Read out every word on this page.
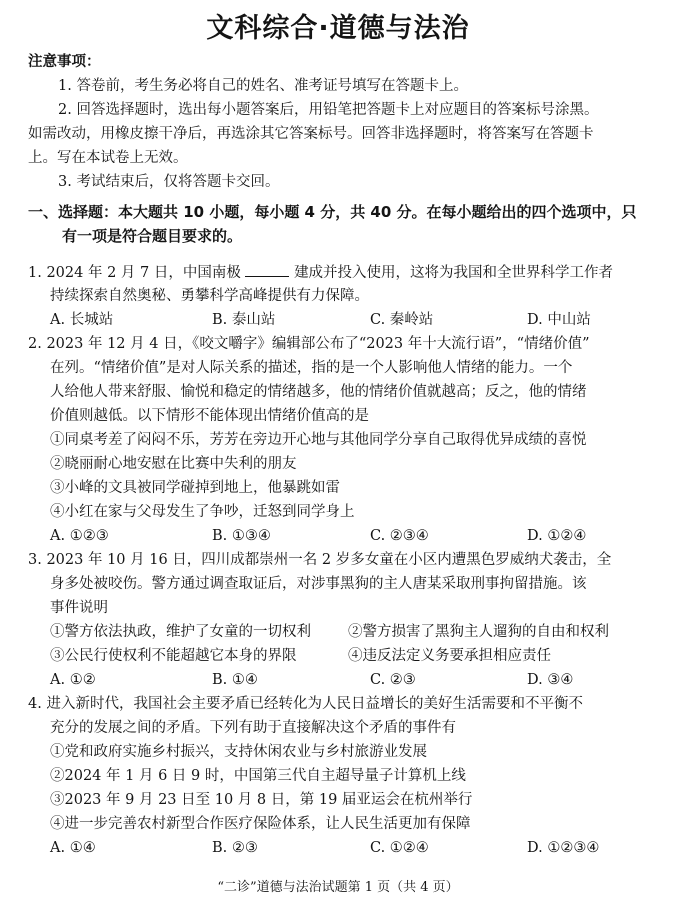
文科综合·道德与法治
注意事项：
1. 答卷前，考生务必将自己的姓名、准考证号填写在答题卡上。
2. 回答选择题时，选出每小题答案后，用铅笔把答题卡上对应题目的答案标号涂黑。
如需改动，用橡皮擦干净后，再选涂其它答案标号。回答非选择题时，将答案写在答题卡
上。写在本试卷上无效。
3. 考试结束后，仅将答题卡交回。
一、选择题：本大题共 10 小题，每小题 4 分，共 40 分。在每小题给出的四个选项中，只
有一项是符合题目要求的。
1. 2024 年 2 月 7 日，中国南极	建成并投入使用，这将为我国和全世界科学工作者
持续探索自然奥秘、勇攀科学高峰提供有力保障。
A. 长城站	B. 泰山站	C. 秦岭站	D. 中山站
2. 2023 年 12 月 4 日，《咬文嚼字》编辑部公布了“2023 年十大流行语”，“情绪价值”
在列。“情绪价值”是对人际关系的描述，指的是一个人影响他人情绪的能力。一个
人给他人带来舒服、愉悦和稳定的情绪越多，他的情绪价值就越高；反之，他的情绪
价值则越低。以下情形不能体现出情绪价值高的是
①同桌考差了闷闷不乐，芳芳在旁边开心地与其他同学分享自己取得优异成绩的喜悦
②晓丽耐心地安慰在比赛中失利的朋友
③小峰的文具被同学碰掉到地上，他暴跳如雷
④小红在家与父母发生了争吵，迁怒到同学身上
A. ①②③	B. ①③④	C. ②③④	D. ①②④
3. 2023 年 10 月 16 日，四川成都崇州一名 2 岁多女童在小区内遭黑色罗威纳犬袭击，全
身多处被咬伤。警方通过调查取证后，对涉事黑狗的主人唐某采取刑事拘留措施。该
事件说明
①警方依法执政，维护了女童的一切权利	②警方损害了黑狗主人遛狗的自由和权利
③公民行使权利不能超越它本身的界限	④违反法定义务要承担相应责任
A. ①②	B. ①④	C. ②③	D. ③④
4. 进入新时代，我国社会主要矛盾已经转化为人民日益增长的美好生活需要和不平衡不
充分的发展之间的矛盾。下列有助于直接解决这个矛盾的事件有
①党和政府实施乡村振兴，支持休闲农业与乡村旅游业发展
②2024 年 1 月 6 日 9 时，中国第三代自主超导量子计算机上线
③2023 年 9 月 23 日至 10 月 8 日，第 19 届亚运会在杭州举行
④进一步完善农村新型合作医疗保险体系，让人民生活更加有保障
A. ①④	B. ②③	C. ①②④	D. ①②③④
“二诊”道德与法治试题第 1 页（共 4 页）
